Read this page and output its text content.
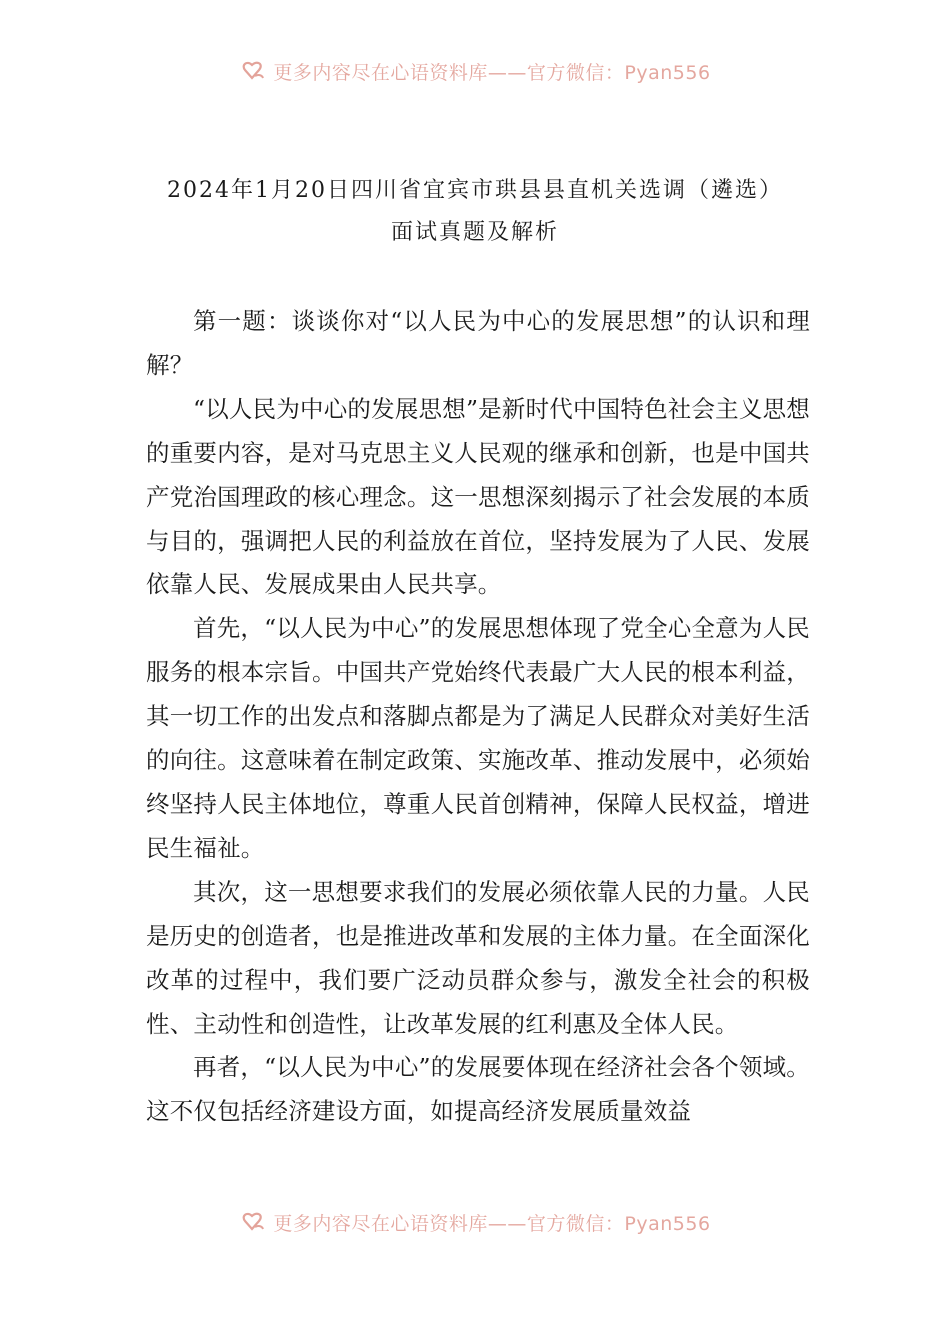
更多内容尽在心语资料库——官方微信：Pyan556
2024年1月20日四川省宜宾市珙县县直机关选调（遴选）
面试真题及解析

第一题：谈谈你对“以人民为中心的发展思想”的认识和理解？

“以人民为中心的发展思想”是新时代中国特色社会主义思想的重要内容，是对马克思主义人民观的继承和创新，也是中国共产党治国理政的核心理念。这一思想深刻揭示了社会发展的本质与目的，强调把人民的利益放在首位，坚持发展为了人民、发展依靠人民、发展成果由人民共享。

首先，“以人民为中心”的发展思想体现了党全心全意为人民服务的根本宗旨。中国共产党始终代表最广大人民的根本利益，其一切工作的出发点和落脚点都是为了满足人民群众对美好生活的向往。这意味着在制定政策、实施改革、推动发展中，必须始终坚持人民主体地位，尊重人民首创精神，保障人民权益，增进民生福祉。

其次，这一思想要求我们的发展必须依靠人民的力量。人民是历史的创造者，也是推进改革和发展的主体力量。在全面深化改革的过程中，我们要广泛动员群众参与，激发全社会的积极性、主动性和创造性，让改革发展的红利惠及全体人民。

再者，“以人民为中心”的发展要体现在经济社会各个领域。这不仅包括经济建设方面，如提高经济发展质量效益

更多内容尽在心语资料库——官方微信：Pyan556
